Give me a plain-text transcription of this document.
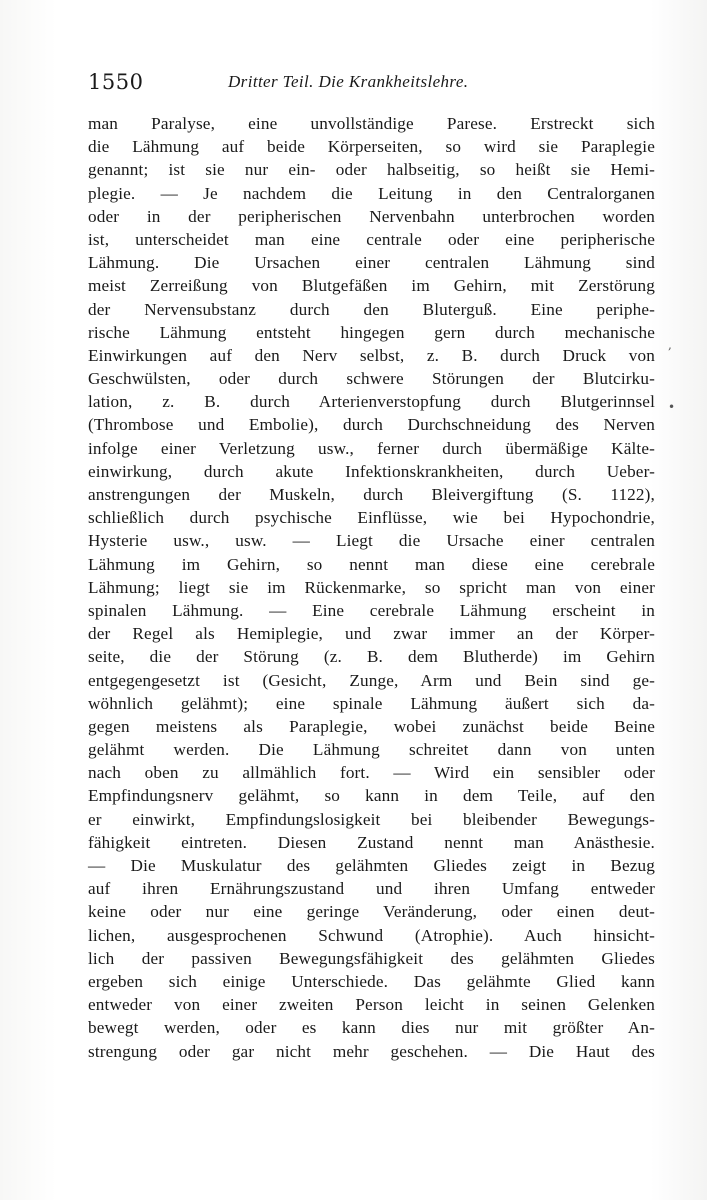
1550	Dritter Teil. Die Krankheitslehre.
man Paralyse, eine unvollständige Parese. Erstreckt sich
die Lähmung auf beide Körperseiten, so wird sie Paraplegie
genannt; ist sie nur ein- oder halbseitig, so heißt sie Hemi-
plegie. — Je nachdem die Leitung in den Centralorganen
oder in der peripherischen Nervenbahn unterbrochen worden
ist, unterscheidet man eine centrale oder eine peripherische
Lähmung. Die Ursachen einer centralen Lähmung sind
meist Zerreißung von Blutgefäßen im Gehirn, mit Zerstörung
der Nervensubstanz durch den Bluterguß. Eine periphe-
rische Lähmung entsteht hingegen gern durch mechanische
Einwirkungen auf den Nerv selbst, z. B. durch Druck von
Geschwülsten, oder durch schwere Störungen der Blutcirku-
lation, z. B. durch Arterienverstopfung durch Blutgerinnsel
(Thrombose und Embolie), durch Durchschneidung des Nerven
infolge einer Verletzung usw., ferner durch übermäßige Kälte-
einwirkung, durch akute Infektionskrankheiten, durch Ueber-
anstrengungen der Muskeln, durch Bleivergiftung (S. 1122),
schließlich durch psychische Einflüsse, wie bei Hypochondrie,
Hysterie usw., usw. — Liegt die Ursache einer centralen
Lähmung im Gehirn, so nennt man diese eine cerebrale
Lähmung; liegt sie im Rückenmarke, so spricht man von einer
spinalen Lähmung. — Eine cerebrale Lähmung erscheint in
der Regel als Hemiplegie, und zwar immer an der Körper-
seite, die der Störung (z. B. dem Blutherde) im Gehirn
entgegengesetzt ist (Gesicht, Zunge, Arm und Bein sind ge-
wöhnlich gelähmt); eine spinale Lähmung äußert sich da-
gegen meistens als Paraplegie, wobei zunächst beide Beine
gelähmt werden. Die Lähmung schreitet dann von unten
nach oben zu allmählich fort. — Wird ein sensibler oder
Empfindungsnerv gelähmt, so kann in dem Teile, auf den
er einwirkt, Empfindungslosigkeit bei bleibender Bewegungs-
fähigkeit eintreten. Diesen Zustand nennt man Anästhesie.
— Die Muskulatur des gelähmten Gliedes zeigt in Bezug
auf ihren Ernährungszustand und ihren Umfang entweder
keine oder nur eine geringe Veränderung, oder einen deut-
lichen, ausgesprochenen Schwund (Atrophie). Auch hinsicht-
lich der passiven Bewegungsfähigkeit des gelähmten Gliedes
ergeben sich einige Unterschiede. Das gelähmte Glied kann
entweder von einer zweiten Person leicht in seinen Gelenken
bewegt werden, oder es kann dies nur mit größter An-
strengung oder gar nicht mehr geschehen. — Die Haut des
,
•
